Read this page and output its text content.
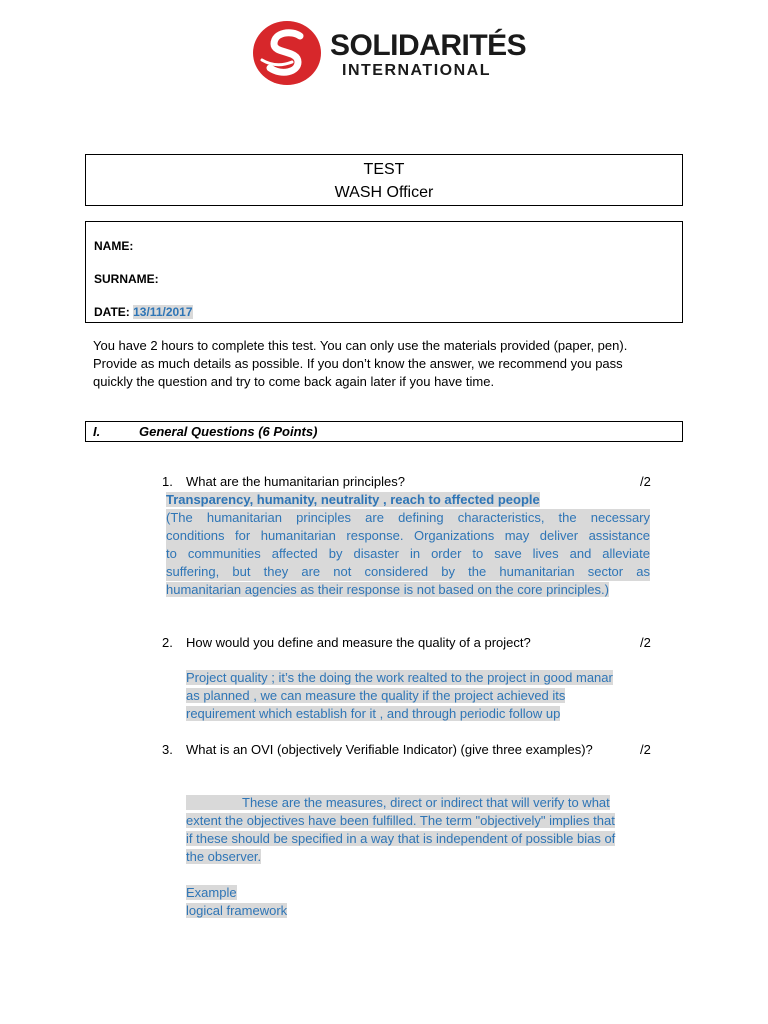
SOLIDARITÉS
INTERNATIONAL
TEST
WASH Officer
NAME:
SURNAME:
DATE: 13/11/2017
You have 2 hours to complete this test. You can only use the materials provided (paper, pen).
Provide as much details as possible. If you don’t know the answer, we recommend you pass
quickly the question and try to come back again later if you have time.
I.	General Questions (6 Points)
1. What are the humanitarian principles?	/2
Transparency, humanity, neutrality , reach to affected people
(The humanitarian principles are defining characteristics, the necessary
conditions for humanitarian response. Organizations may deliver assistance
to communities affected by disaster in order to save lives and alleviate
suffering, but they are not considered by the humanitarian sector as
humanitarian agencies as their response is not based on the core principles.)
2. How would you define and measure the quality of a project?	/2
Project quality ; it’s the doing the work realted to the project in good manar
as planned , we can measure the quality if the project achieved its
requirement which establish for it , and through periodic follow up
3. What is an OVI (objectively Verifiable Indicator) (give three examples)?	/2
These are the measures, direct or indirect that will verify to what
extent the objectives have been fulfilled. The term "objectively" implies that
if these should be specified in a way that is independent of possible bias of
the observer.
Example
logical framework
